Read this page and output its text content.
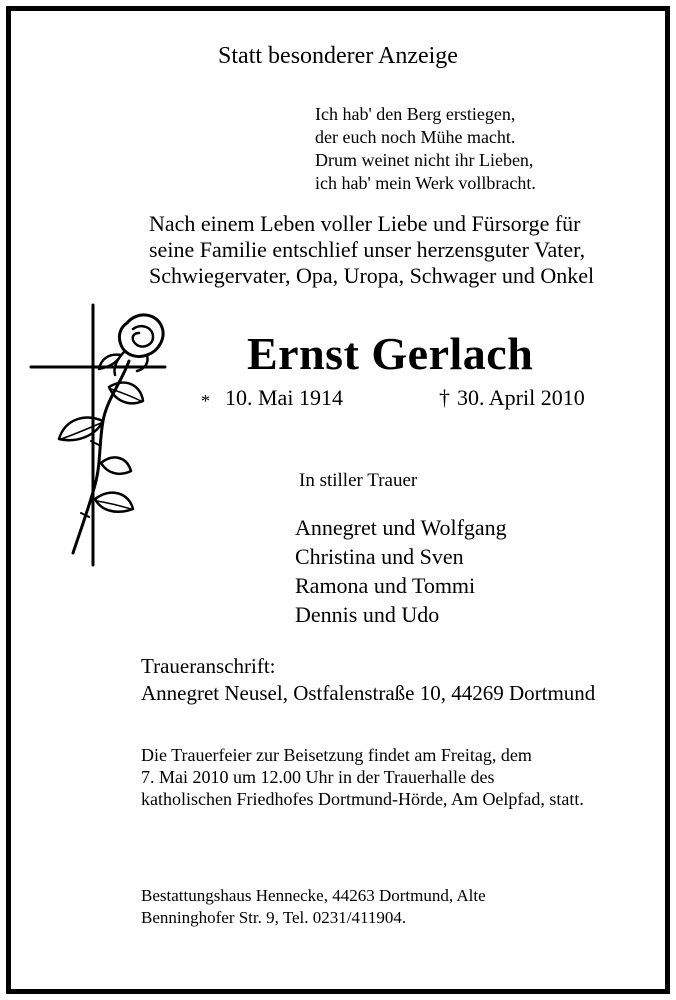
Statt besonderer Anzeige
Ich hab' den Berg erstiegen,
der euch noch Mühe macht.
Drum weinet nicht ihr Lieben,
ich hab' mein Werk vollbracht.
Nach einem Leben voller Liebe und Fürsorge für
seine Familie entschlief unser herzensguter Vater,
Schwiegervater, Opa, Uropa, Schwager und Onkel
Ernst Gerlach
* 10. Mai 1914	† 30. April 2010
In stiller Trauer
Annegret und Wolfgang
Christina und Sven
Ramona und Tommi
Dennis und Udo
Traueranschrift:
Annegret Neusel, Ostfalenstraße 10, 44269 Dortmund
Die Trauerfeier zur Beisetzung findet am Freitag, dem
7. Mai 2010 um 12.00 Uhr in der Trauerhalle des
katholischen Friedhofes Dortmund-Hörde, Am Oelpfad, statt.
Bestattungshaus Hennecke, 44263 Dortmund, Alte
Benninghofer Str. 9, Tel. 0231/411904.
